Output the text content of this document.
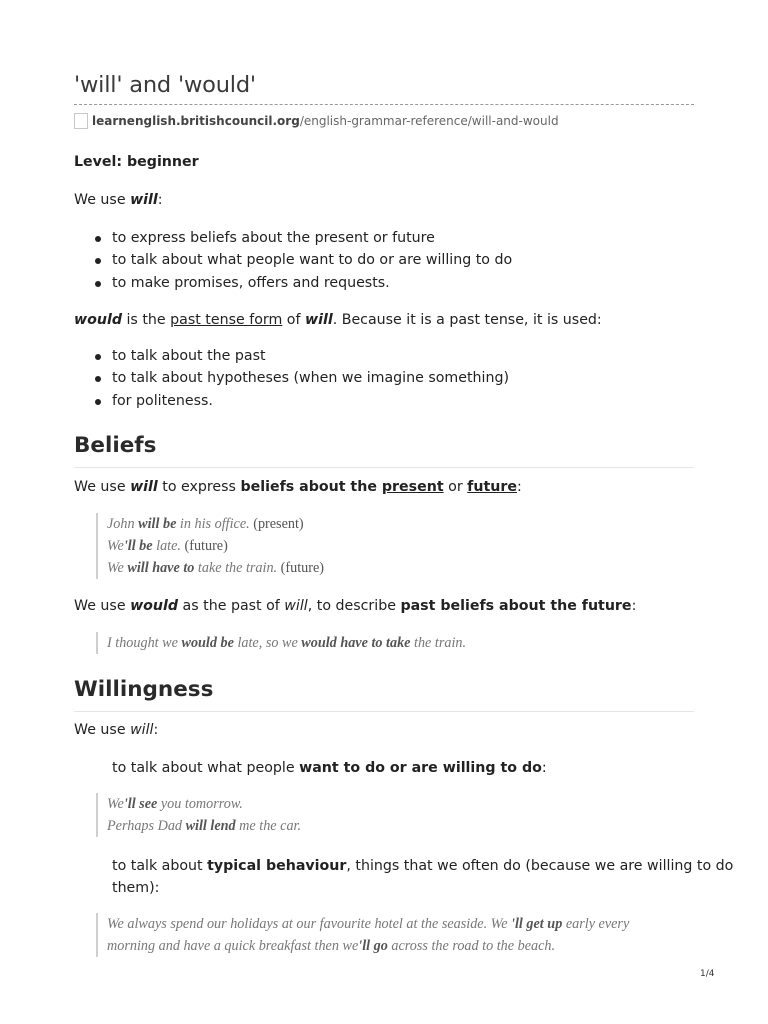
'will' and 'would'
learnenglish.britishcouncil.org/english-grammar-reference/will-and-would
Level: beginner
We use will:
to express beliefs about the present or future
to talk about what people want to do or are willing to do
to make promises, offers and requests.
would is the past tense form of will. Because it is a past tense, it is used:
to talk about the past
to talk about hypotheses (when we imagine something)
for politeness.
Beliefs
We use will to express beliefs about the present or future:
John will be in his office. (present)
We'll be late. (future)
We will have to take the train. (future)
We use would as the past of will, to describe past beliefs about the future:
I thought we would be late, so we would have to take the train.
Willingness
We use will:
to talk about what people want to do or are willing to do:
We'll see you tomorrow.
Perhaps Dad will lend me the car.
to talk about typical behaviour, things that we often do (because we are willing to do
them):
We always spend our holidays at our favourite hotel at the seaside. We 'll get up early every
morning and have a quick breakfast then we'll go across the road to the beach.
1/4
